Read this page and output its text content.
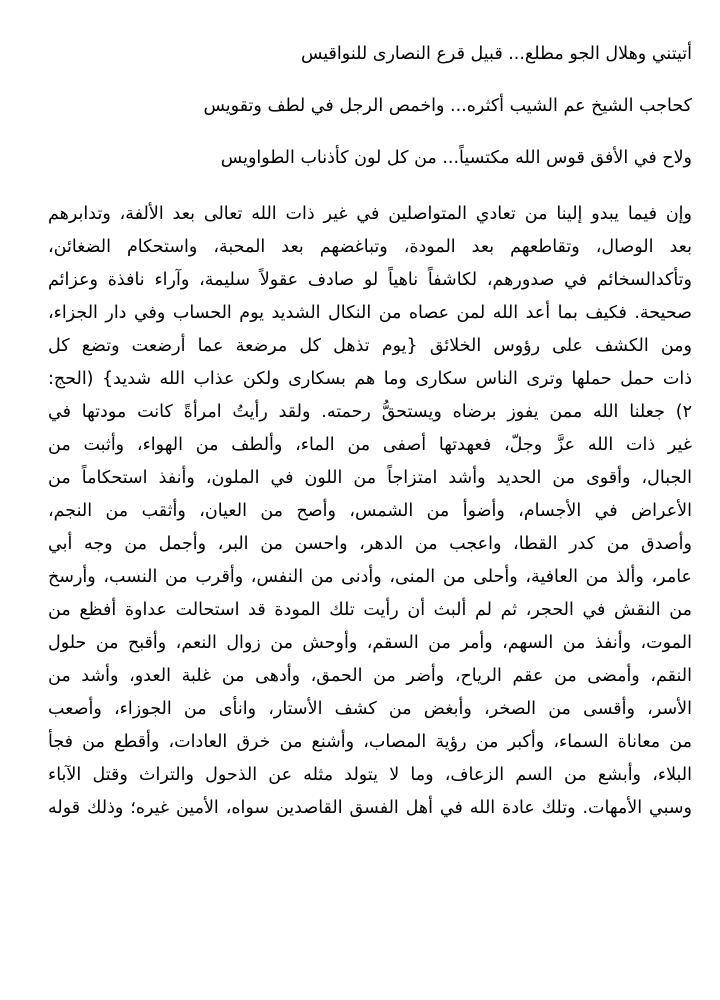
أتيتني وهلال الجو مطلع... قبيل قرع النصارى للنواقيس

كحاجب الشيخ عم الشيب أكثره... واخمص الرجل في لطف وتقويس

ولاح في الأفق قوس الله مكتسياً... من كل لون كأذناب الطواويس

وإن فيما يبدو إلينا من تعادي المتواصلين في غير ذات الله تعالى بعد الألفة، وتدابرهم
بعد الوصال، وتقاطعهم بعد المودة، وتباغضهم بعد المحبة، واستحكام الضغائن،
وتأكدالسخائم في صدورهم، لكاشفاً ناهياً لو صادف عقولاً سليمة، وآراء نافذة وعزائم
صحيحة. فكيف بما أعد الله لمن عصاه من النكال الشديد يوم الحساب وفي دار الجزاء،
ومن الكشف على رؤوس الخلائق {يوم تذهل كل مرضعة عما أرضعت وتضع كل
ذات حمل حملها وترى الناس سكارى وما هم بسكارى ولكن عذاب الله شديد} (الحج:
٢) جعلنا الله ممن يفوز برضاه ويستحقُّ رحمته. ولقد رأيتُ امرأةً كانت مودتها في
غير ذات الله عزَّ وجلّ، فعهدتها أصفى من الماء، وألطف من الهواء، وأثبت من
الجبال، وأقوى من الحديد وأشد امتزاجاً من اللون في الملون، وأنفذ استحكاماً من
الأعراض في الأجسام، وأضوأ من الشمس، وأصح من العيان، وأثقب من النجم،
وأصدق من كدر القطا، واعجب من الدهر، واحسن من البر، وأجمل من وجه أبي
عامر، وألذ من العافية، وأحلى من المنى، وأدنى من النفس، وأقرب من النسب، وأرسخ
من النقش في الحجر، ثم لم ألبث أن رأيت تلك المودة قد استحالت عداوة أفظع من
الموت، وأنفذ من السهم، وأمر من السقم، وأوحش من زوال النعم، وأقبح من حلول
النقم، وأمضى من عقم الرياح، وأضر من الحمق، وأدهى من غلبة العدو، وأشد من
الأسر، وأقسى من الصخر، وأبغض من كشف الأستار، وانأى من الجوزاء، وأصعب
من معاناة السماء، وأكبر من رؤية المصاب، وأشنع من خرق العادات، وأقطع من فجأ
البلاء، وأبشع من السم الزعاف، وما لا يتولد مثله عن الذحول والتراث وقتل الآباء
وسبي الأمهات. وتلك عادة الله في أهل الفسق القاصدين سواه، الأمين غيره؛ وذلك قوله
